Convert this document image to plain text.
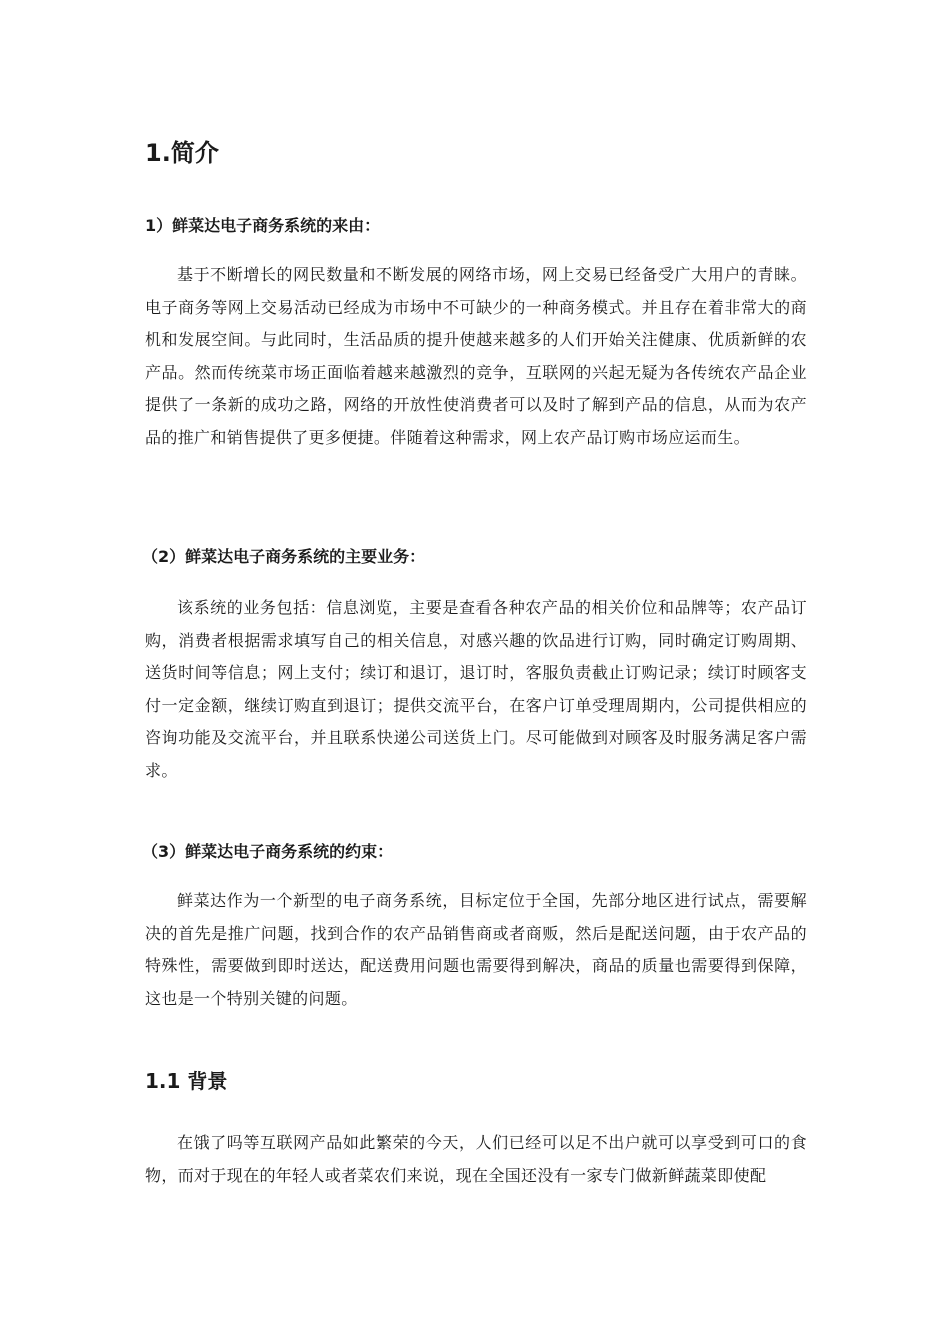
1.简介
1）鲜菜达电子商务系统的来由：

基于不断增长的网民数量和不断发展的网络市场，网上交易已经备受广大用户的青睐。电子商务等网上交易活动已经成为市场中不可缺少的一种商务模式。并且存在着非常大的商机和发展空间。与此同时，生活品质的提升使越来越多的人们开始关注健康、优质新鲜的农产品。然而传统菜市场正面临着越来越激烈的竞争，互联网的兴起无疑为各传统农产品企业提供了一条新的成功之路，网络的开放性使消费者可以及时了解到产品的信息，从而为农产品的推广和销售提供了更多便捷。伴随着这种需求，网上农产品订购市场应运而生。

（2）鲜菜达电子商务系统的主要业务：

该系统的业务包括：信息浏览，主要是查看各种农产品的相关价位和品牌等；农产品订购，消费者根据需求填写自己的相关信息，对感兴趣的饮品进行订购，同时确定订购周期、送货时间等信息；网上支付；续订和退订，退订时，客服负责截止订购记录；续订时顾客支付一定金额，继续订购直到退订；提供交流平台，在客户订单受理周期内，公司提供相应的咨询功能及交流平台，并且联系快递公司送货上门。尽可能做到对顾客及时服务满足客户需求。

（3）鲜菜达电子商务系统的约束：

鲜菜达作为一个新型的电子商务系统，目标定位于全国，先部分地区进行试点，需要解决的首先是推广问题，找到合作的农产品销售商或者商贩，然后是配送问题，由于农产品的特殊性，需要做到即时送达，配送费用问题也需要得到解决，商品的质量也需要得到保障，这也是一个特别关键的问题。

1.1 背景

在饿了吗等互联网产品如此繁荣的今天，人们已经可以足不出户就可以享受到可口的食物，而对于现在的年轻人或者菜农们来说，现在全国还没有一家专门做新鲜蔬菜即使配
